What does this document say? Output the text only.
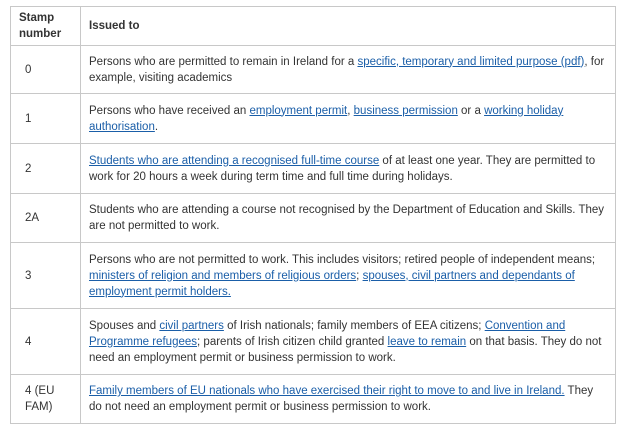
Stamp number	Issued to
0	Persons who are permitted to remain in Ireland for a specific, temporary and limited purpose (pdf), for example, visiting academics
1	Persons who have received an employment permit, business permission or a working holiday authorisation.
2	Students who are attending a recognised full-time course of at least one year. They are permitted to work for 20 hours a week during term time and full time during holidays.
2A	Students who are attending a course not recognised by the Department of Education and Skills. They are not permitted to work.
3	Persons who are not permitted to work. This includes visitors; retired people of independent means; ministers of religion and members of religious orders; spouses, civil partners and dependants of employment permit holders.
4	Spouses and civil partners of Irish nationals; family members of EEA citizens; Convention and Programme refugees; parents of Irish citizen child granted leave to remain on that basis. They do not need an employment permit or business permission to work.
4 (EU FAM)	Family members of EU nationals who have exercised their right to move to and live in Ireland. They do not need an employment permit or business permission to work.
